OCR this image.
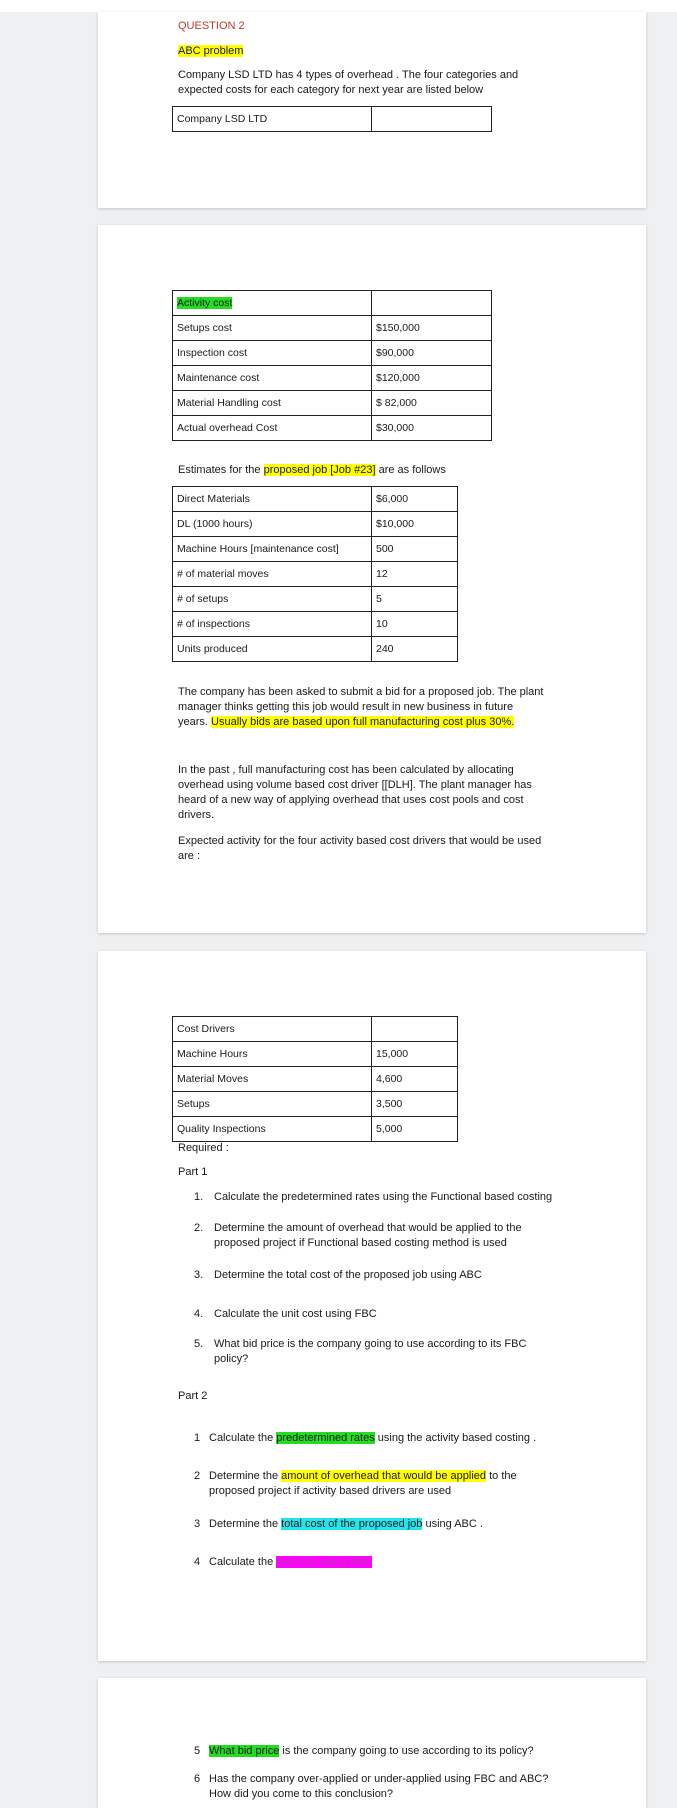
QUESTION 2
ABC problem
Company LSD LTD has 4 types of overhead . The four categories and
expected costs for each category for next year are listed below
Company LSD LTD	
Activity cost	
Setups cost	$150,000
Inspection cost	$90,000
Maintenance cost	$120,000
Material Handling cost	$ 82,000
Actual overhead Cost	$30,000
Estimates for the proposed job [Job #23] are as follows
Direct Materials	$6,000
DL (1000 hours)	$10,000
Machine Hours [maintenance cost]	500
# of material moves	12
# of setups	5
# of inspections	10
Units produced	240
The company has been asked to submit a bid for a proposed job. The plant
manager thinks getting this job would result in new business in future
years. Usually bids are based upon full manufacturing cost plus 30%.
In the past , full manufacturing cost has been calculated by allocating
overhead using volume based cost driver [[DLH]. The plant manager has
heard of a new way of applying overhead that uses cost pools and cost
drivers.
Expected activity for the four activity based cost drivers that would be used
are :
Cost Drivers	
Machine Hours	15,000
Material Moves	4,600
Setups	3,500
Quality Inspections	5,000
Required :
Part 1
1. Calculate the predetermined rates using the Functional based costing
2. Determine the amount of overhead that would be applied to the
proposed project if Functional based costing method is used
3. Determine the total cost of the proposed job using ABC
4. Calculate the unit cost using FBC
5. What bid price is the company going to use according to its FBC
policy?
Part 2
1 Calculate the predetermined rates using the activity based costing .
2 Determine the amount of overhead that would be applied to the
proposed project if activity based drivers are used
3 Determine the total cost of the proposed job using ABC .
4 Calculate the unit cost using ABC
5 What bid price is the company going to use according to its policy?
6 Has the company over-applied or under-applied using FBC and ABC?
How did you come to this conclusion?
